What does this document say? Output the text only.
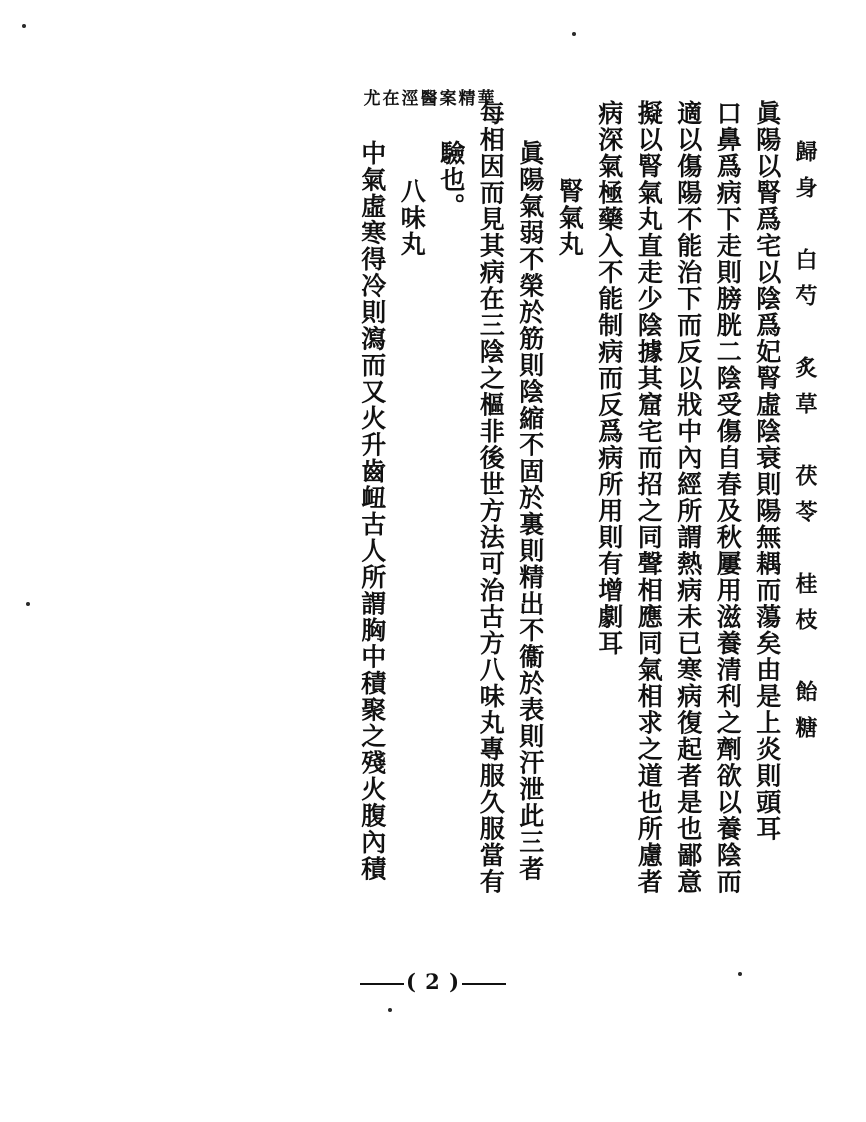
尤在涇醫案精華
歸身　白芍　炙草　茯苓　桂枝　飴糖
眞陽以腎爲宅以陰爲妃腎虛陰衰則陽無耦而蕩矣由是上炎則頭耳
口鼻爲病下走則膀胱二陰受傷自春及秋屢用滋養清利之劑欲以養陰而
適以傷陽不能治下而反以戕中內經所謂熱病未已寒病復起者是也鄙意
擬以腎氣丸直走少陰據其窟宅而招之同聲相應同氣相求之道也所慮者
病深氣極藥入不能制病而反爲病所用則有增劇耳
腎氣丸
眞陽氣弱不榮於筋則陰縮不固於裏則精出不衞於表則汗泄此三者
每相因而見其病在三陰之樞非後世方法可治古方八味丸專服久服當有
驗也。
八味丸
中氣虛寒得冷則瀉而又火升齒衄古人所謂胸中積聚之殘火腹內積
( 2 )
